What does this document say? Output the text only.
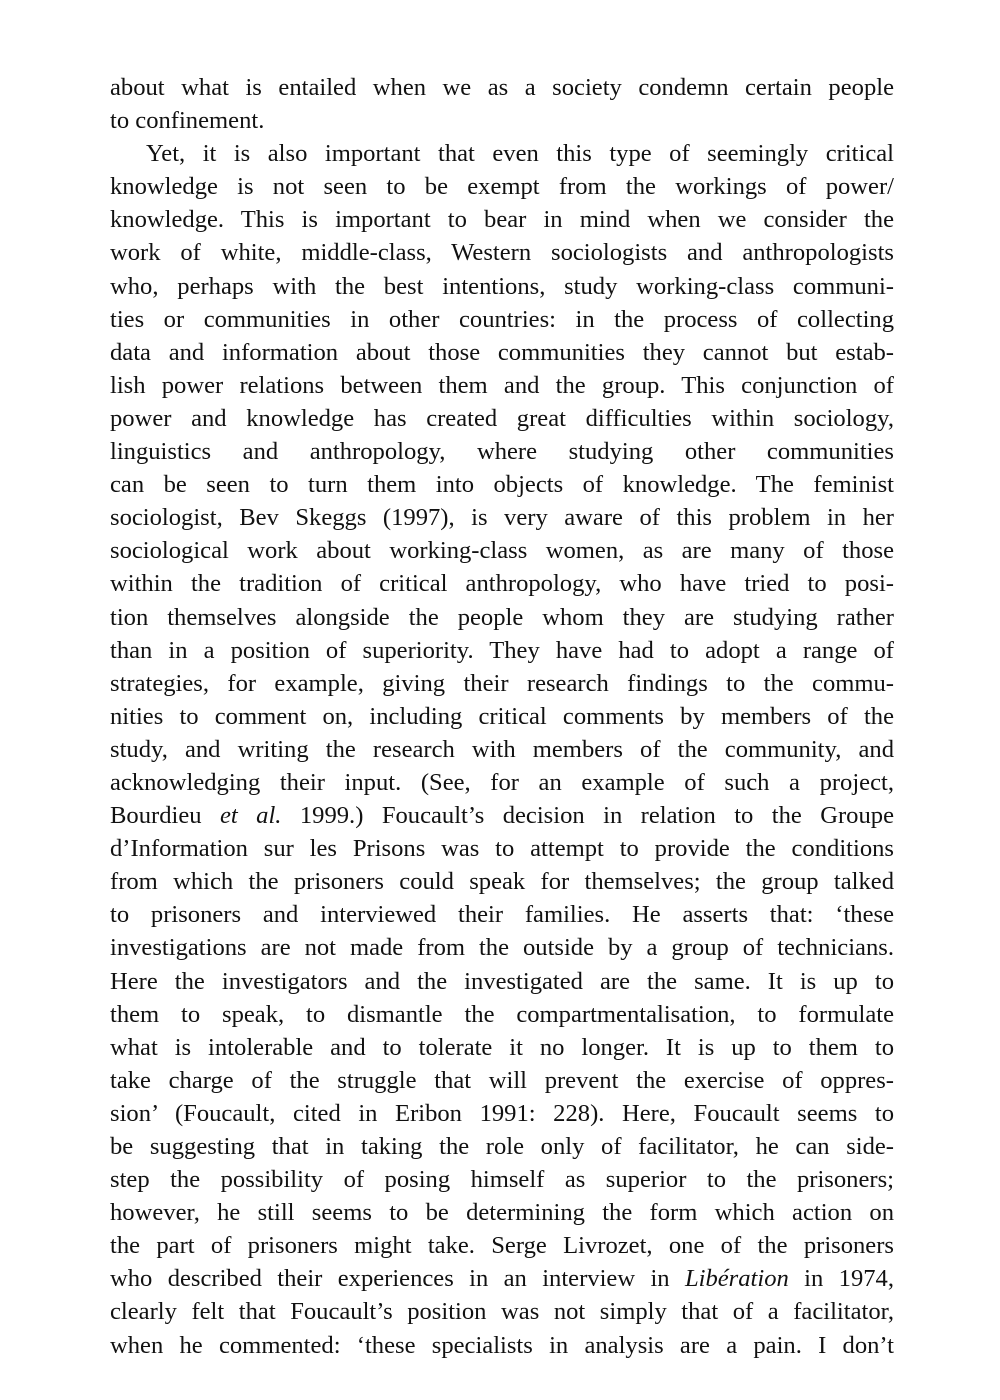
about what is entailed when we as a society condemn certain people
to confinement.
Yet, it is also important that even this type of seemingly critical
knowledge is not seen to be exempt from the workings of power/
knowledge. This is important to bear in mind when we consider the
work of white, middle-class, Western sociologists and anthropologists
who, perhaps with the best intentions, study working-class communi-
ties or communities in other countries: in the process of collecting
data and information about those communities they cannot but estab-
lish power relations between them and the group. This conjunction of
power and knowledge has created great difficulties within sociology,
linguistics and anthropology, where studying other communities
can be seen to turn them into objects of knowledge. The feminist
sociologist, Bev Skeggs (1997), is very aware of this problem in her
sociological work about working-class women, as are many of those
within the tradition of critical anthropology, who have tried to posi-
tion themselves alongside the people whom they are studying rather
than in a position of superiority. They have had to adopt a range of
strategies, for example, giving their research findings to the commu-
nities to comment on, including critical comments by members of the
study, and writing the research with members of the community, and
acknowledging their input. (See, for an example of such a project,
Bourdieu et al. 1999.) Foucault’s decision in relation to the Groupe
d’Information sur les Prisons was to attempt to provide the conditions
from which the prisoners could speak for themselves; the group talked
to prisoners and interviewed their families. He asserts that: ‘these
investigations are not made from the outside by a group of technicians.
Here the investigators and the investigated are the same. It is up to
them to speak, to dismantle the compartmentalisation, to formulate
what is intolerable and to tolerate it no longer. It is up to them to
take charge of the struggle that will prevent the exercise of oppres-
sion’ (Foucault, cited in Eribon 1991: 228). Here, Foucault seems to
be suggesting that in taking the role only of facilitator, he can side-
step the possibility of posing himself as superior to the prisoners;
however, he still seems to be determining the form which action on
the part of prisoners might take. Serge Livrozet, one of the prisoners
who described their experiences in an interview in Libération in 1974,
clearly felt that Foucault’s position was not simply that of a facilitator,
when he commented: ‘these specialists in analysis are a pain. I don’t
